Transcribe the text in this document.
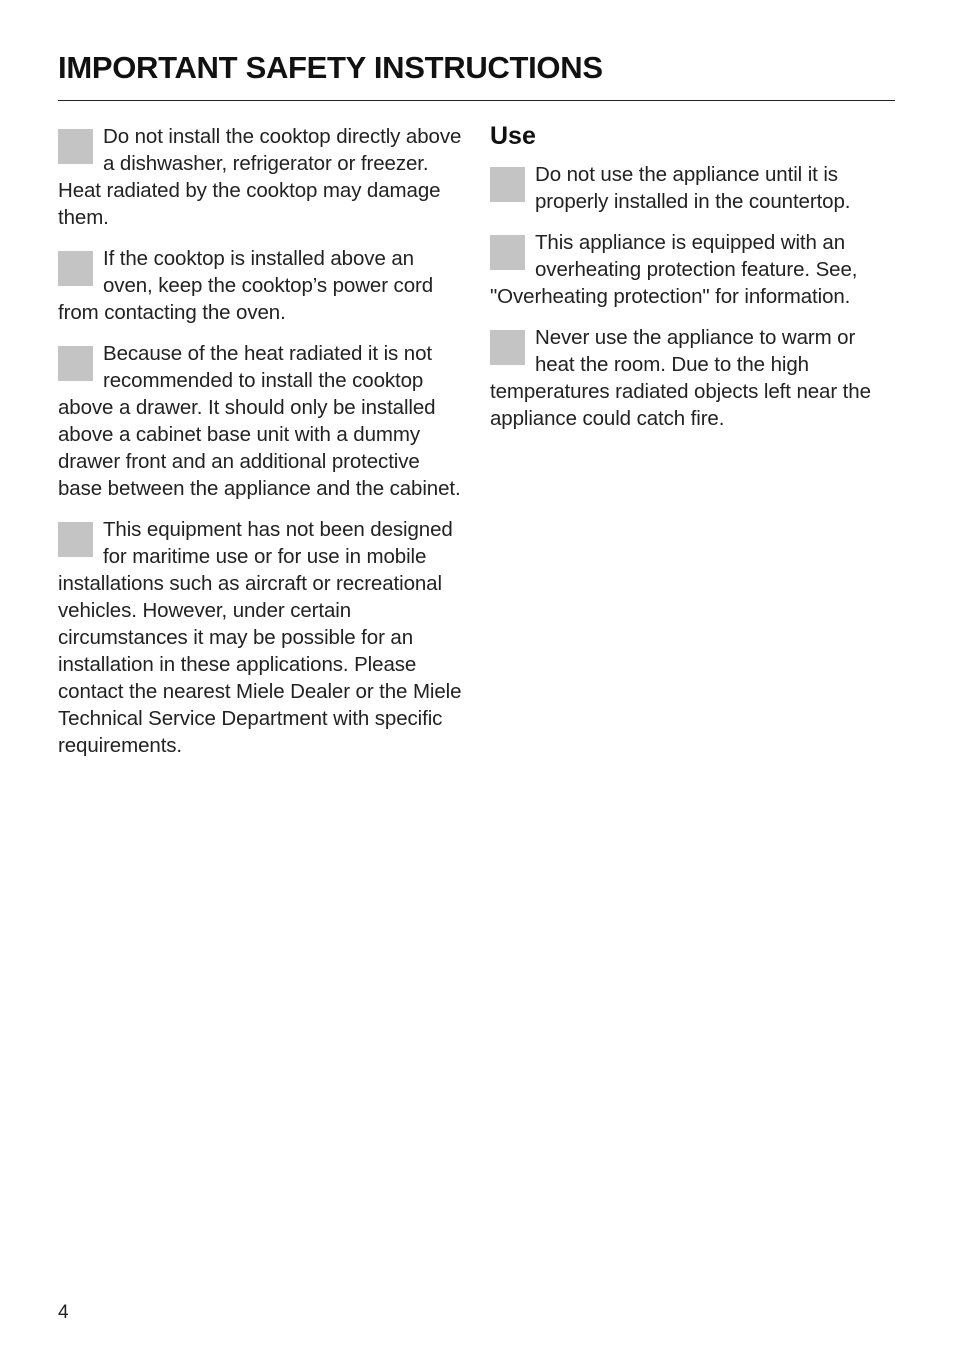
IMPORTANT SAFETY INSTRUCTIONS

Do not install the cooktop directly above a dishwasher, refrigerator or freezer. Heat radiated by the cooktop may damage them.

If the cooktop is installed above an oven, keep the cooktop’s power cord from contacting the oven.

Because of the heat radiated it is not recommended to install the cooktop above a drawer. It should only be installed above a cabinet base unit with a dummy drawer front and an additional protective base between the appliance and the cabinet.

This equipment has not been designed for maritime use or for use in mobile installations such as aircraft or recreational vehicles. However, under certain circumstances it may be possible for an installation in these applications. Please contact the nearest Miele Dealer or the Miele Technical Service Department with specific requirements.

Use

Do not use the appliance until it is properly installed in the countertop.

This appliance is equipped with an overheating protection feature. See, "Overheating protection" for information.

Never use the appliance to warm or heat the room. Due to the high temperatures radiated objects left near the appliance could catch fire.

4
